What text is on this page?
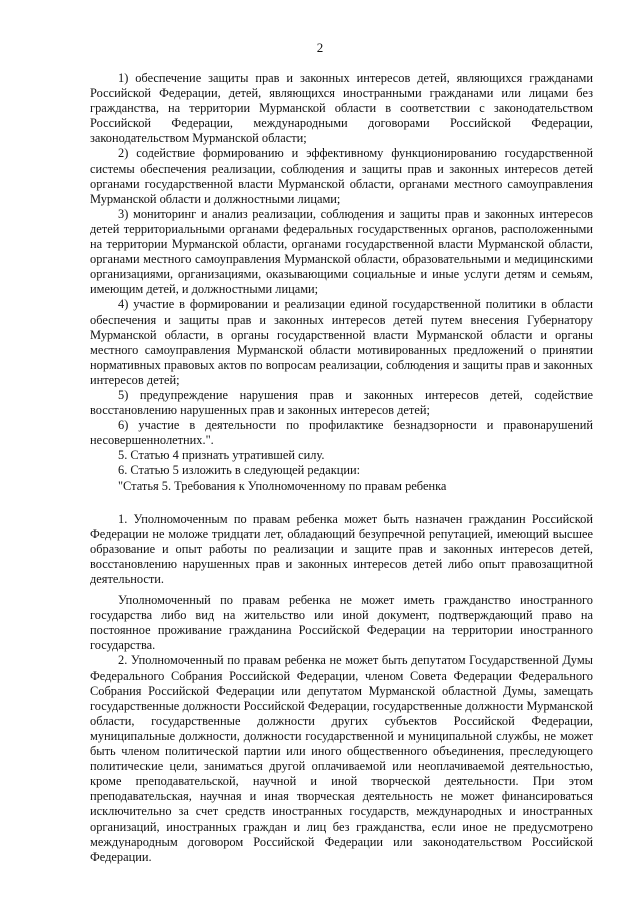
2

1) обеспечение защиты прав и законных интересов детей, являющихся гражданами Российской Федерации, детей, являющихся иностранными гражданами или лицами без гражданства, на территории Мурманской области в соответствии с законодательством Российской Федерации, международными договорами Российской Федерации, законодательством Мурманской области;

2) содействие формированию и эффективному функционированию государственной системы обеспечения реализации, соблюдения и защиты прав и законных интересов детей органами государственной власти Мурманской области, органами местного самоуправления Мурманской области и должностными лицами;

3) мониторинг и анализ реализации, соблюдения и защиты прав и законных интересов детей территориальными органами федеральных государственных органов, расположенными на территории Мурманской области, органами государственной власти Мурманской области, органами местного самоуправления Мурманской области, образовательными и медицинскими организациями, организациями, оказывающими социальные и иные услуги детям и семьям, имеющим детей, и должностными лицами;

4) участие в формировании и реализации единой государственной политики в области обеспечения и защиты прав и законных интересов детей путем внесения Губернатору Мурманской области, в органы государственной власти Мурманской области и органы местного самоуправления Мурманской области мотивированных предложений о принятии нормативных правовых актов по вопросам реализации, соблюдения и защиты прав и законных интересов детей;

5) предупреждение нарушения прав и законных интересов детей, содействие восстановлению нарушенных прав и законных интересов детей;

6) участие в деятельности по профилактике безнадзорности и правонарушений несовершеннолетних.".

5. Статью 4 признать утратившей силу.

6. Статью 5 изложить в следующей редакции:

"Статья 5. Требования к Уполномоченному по правам ребенка

1. Уполномоченным по правам ребенка может быть назначен гражданин Российской Федерации не моложе тридцати лет, обладающий безупречной репутацией, имеющий высшее образование и опыт работы по реализации и защите прав и законных интересов детей, восстановлению нарушенных прав и законных интересов детей либо опыт правозащитной деятельности.

Уполномоченный по правам ребенка не может иметь гражданство иностранного государства либо вид на жительство или иной документ, подтверждающий право на постоянное проживание гражданина Российской Федерации на территории иностранного государства.

2. Уполномоченный по правам ребенка не может быть депутатом Государственной Думы Федерального Собрания Российской Федерации, членом Совета Федерации Федерального Собрания Российской Федерации или депутатом Мурманской областной Думы, замещать государственные должности Российской Федерации, государственные должности Мурманской области, государственные должности других субъектов Российской Федерации, муниципальные должности, должности государственной и муниципальной службы, не может быть членом политической партии или иного общественного объединения, преследующего политические цели, заниматься другой оплачиваемой или неоплачиваемой деятельностью, кроме преподавательской, научной и иной творческой деятельности. При этом преподавательская, научная и иная творческая деятельность не может финансироваться исключительно за счет средств иностранных государств, международных и иностранных организаций, иностранных граждан и лиц без гражданства, если иное не предусмотрено международным договором Российской Федерации или законодательством Российской Федерации.
